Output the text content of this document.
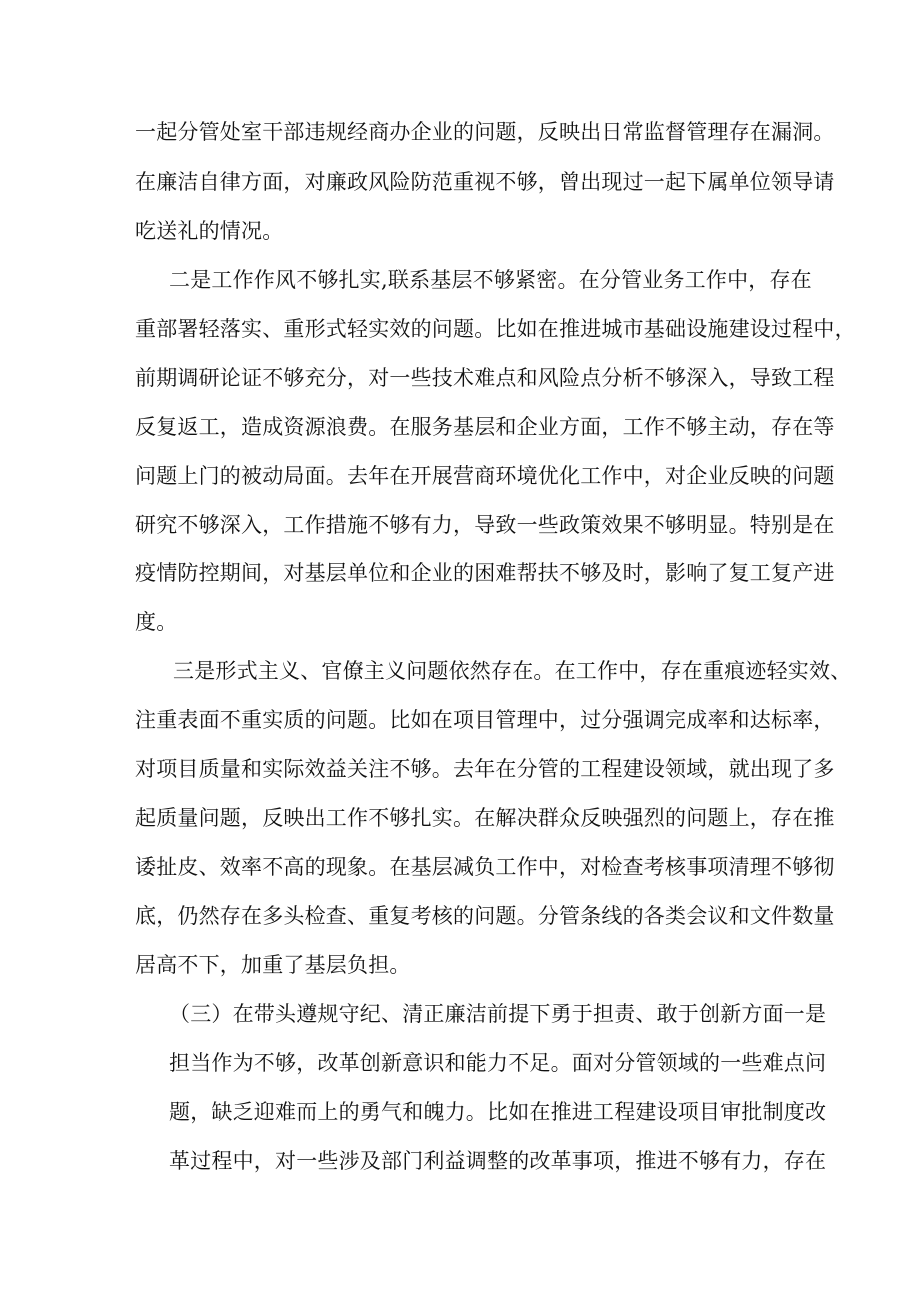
一起分管处室干部违规经商办企业的问题，反映出日常监督管理存在漏洞。
在廉洁自律方面，对廉政风险防范重视不够，曾出现过一起下属单位领导请
吃送礼的情况。
二是工作作风不够扎实,联系基层不够紧密。在分管业务工作中，存在
重部署轻落实、重形式轻实效的问题。比如在推进城市基础设施建设过程中，
前期调研论证不够充分，对一些技术难点和风险点分析不够深入，导致工程
反复返工，造成资源浪费。在服务基层和企业方面，工作不够主动，存在等
问题上门的被动局面。去年在开展营商环境优化工作中，对企业反映的问题
研究不够深入，工作措施不够有力，导致一些政策效果不够明显。特别是在
疫情防控期间，对基层单位和企业的困难帮扶不够及时，影响了复工复产进
度。
三是形式主义、官僚主义问题依然存在。在工作中，存在重痕迹轻实效、
注重表面不重实质的问题。比如在项目管理中，过分强调完成率和达标率，
对项目质量和实际效益关注不够。去年在分管的工程建设领域，就出现了多
起质量问题，反映出工作不够扎实。在解决群众反映强烈的问题上，存在推
诿扯皮、效率不高的现象。在基层减负工作中，对检查考核事项清理不够彻
底，仍然存在多头检查、重复考核的问题。分管条线的各类会议和文件数量
居高不下，加重了基层负担。
（三）在带头遵规守纪、清正廉洁前提下勇于担责、敢于创新方面一是
担当作为不够，改革创新意识和能力不足。面对分管领域的一些难点问
题，缺乏迎难而上的勇气和魄力。比如在推进工程建设项目审批制度改
革过程中，对一些涉及部门利益调整的改革事项，推进不够有力，存在
